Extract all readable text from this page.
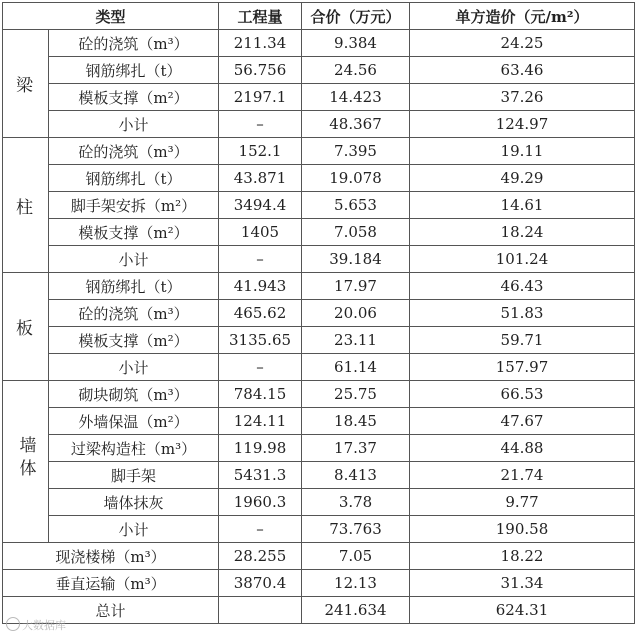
类型		工程量	合价（万元）	单方造价（元/m²）
梁	砼的浇筑（m³）	211.34	9.384	24.25
	钢筋绑扎（t）	56.756	24.56	63.46
	模板支撑（m²）	2197.1	14.423	37.26
	小计	–	48.367	124.97
柱	砼的浇筑（m³）	152.1	7.395	19.11
	钢筋绑扎（t）	43.871	19.078	49.29
	脚手架安拆（m²）	3494.4	5.653	14.61
	模板支撑（m²）	1405	7.058	18.24
	小计	–	39.184	101.24
板	钢筋绑扎（t）	41.943	17.97	46.43
	砼的浇筑（m³）	465.62	20.06	51.83
	模板支撑（m²）	3135.65	23.11	59.71
	小计	–	61.14	157.97
墙体	砌块砌筑（m³）	784.15	25.75	66.53
	外墙保温（m²）	124.11	18.45	47.67
	过梁构造柱（m³）	119.98	17.37	44.88
	脚手架	5431.3	8.413	21.74
	墙体抹灰	1960.3	3.78	9.77
	小计	–	73.763	190.58
现浇楼梯（m³）		28.255	7.05	18.22
垂直运输（m³）		3870.4	12.13	31.34
总计			241.634	624.31
大数据库
